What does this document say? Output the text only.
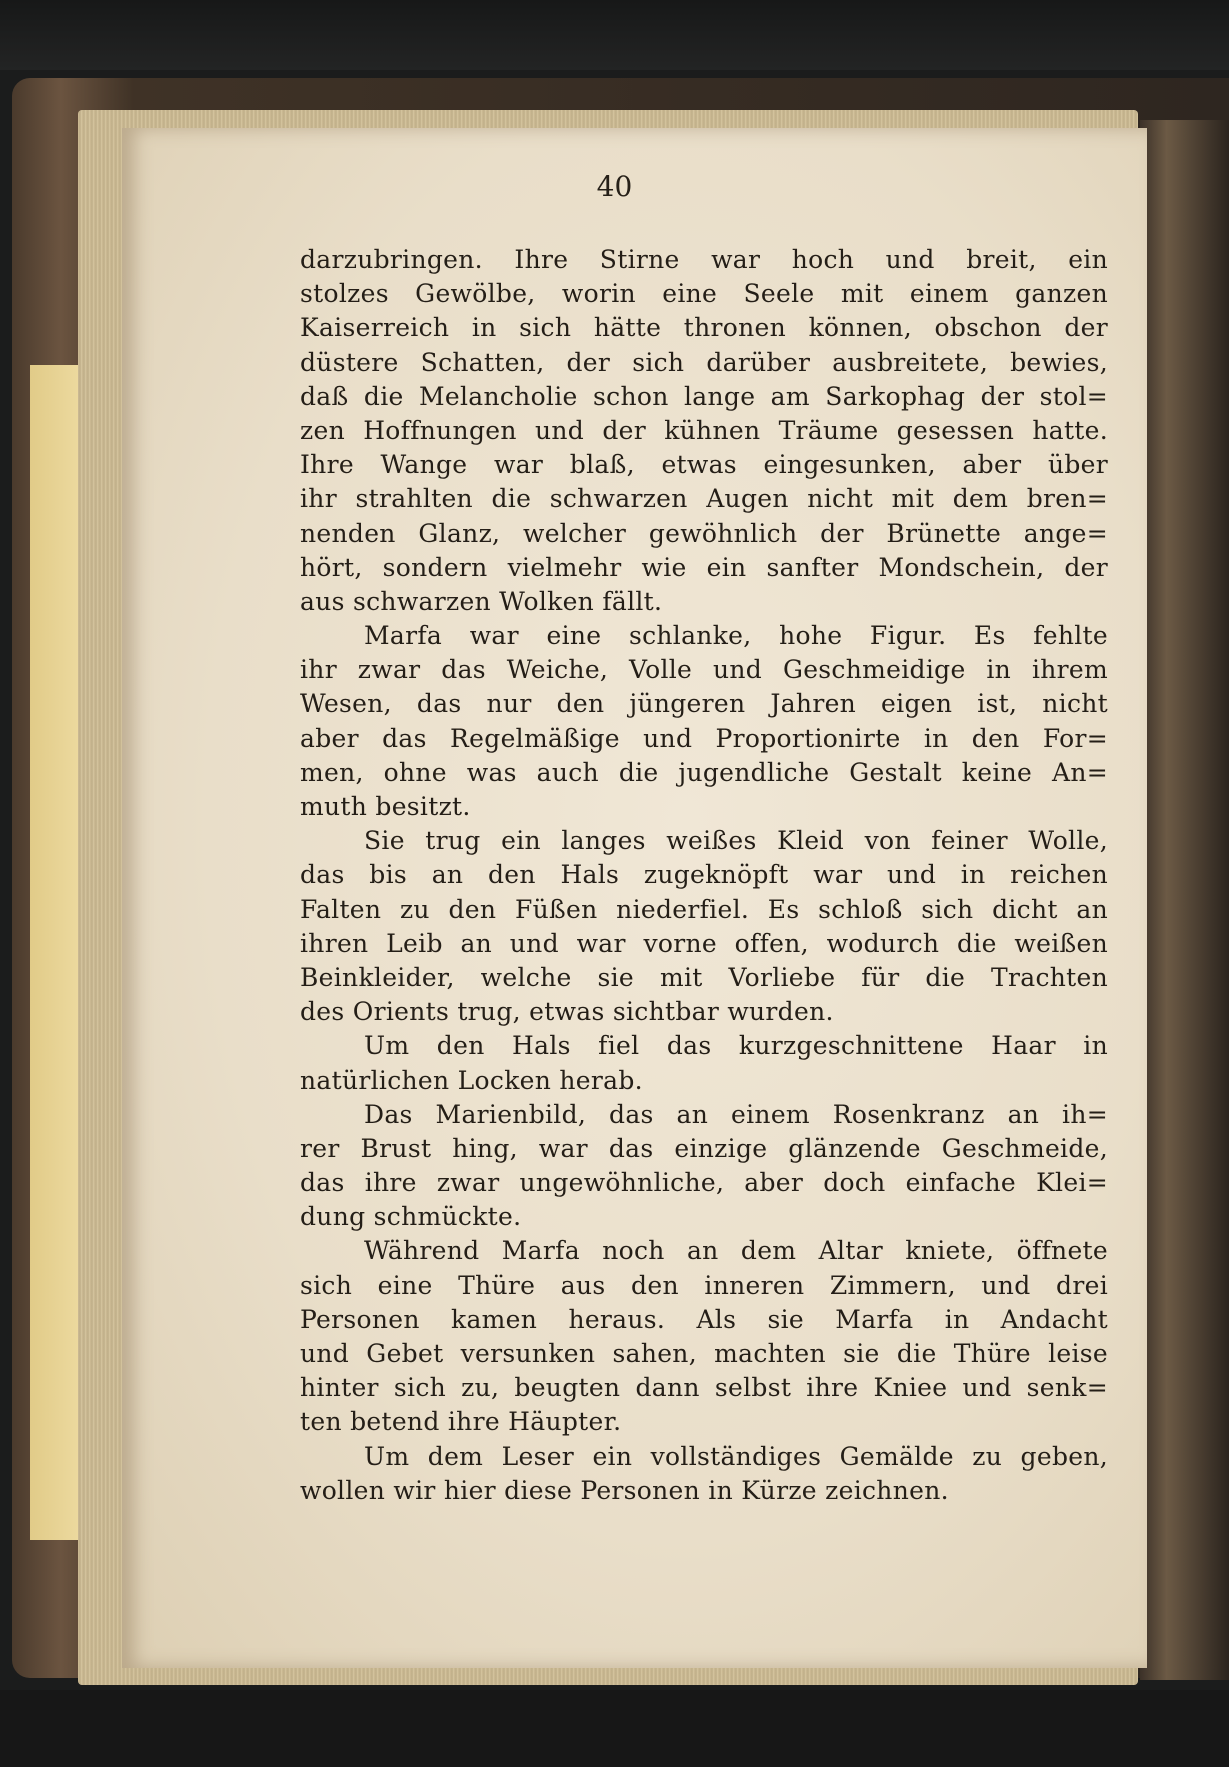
40
darzubringen. Ihre Stirne war hoch und breit, ein
stolzes Gewölbe, worin eine Seele mit einem ganzen
Kaiserreich in sich hätte thronen können, obschon der
düstere Schatten, der sich darüber ausbreitete, bewies,
daß die Melancholie schon lange am Sarkophag der stol=
zen Hoffnungen und der kühnen Träume gesessen hatte.
Ihre Wange war blaß, etwas eingesunken, aber über
ihr strahlten die schwarzen Augen nicht mit dem bren=
nenden Glanz, welcher gewöhnlich der Brünette ange=
hört, sondern vielmehr wie ein sanfter Mondschein, der
aus schwarzen Wolken fällt.
Marfa war eine schlanke, hohe Figur. Es fehlte
ihr zwar das Weiche, Volle und Geschmeidige in ihrem
Wesen, das nur den jüngeren Jahren eigen ist, nicht
aber das Regelmäßige und Proportionirte in den For=
men, ohne was auch die jugendliche Gestalt keine An=
muth besitzt.
Sie trug ein langes weißes Kleid von feiner Wolle,
das bis an den Hals zugeknöpft war und in reichen
Falten zu den Füßen niederfiel. Es schloß sich dicht an
ihren Leib an und war vorne offen, wodurch die weißen
Beinkleider, welche sie mit Vorliebe für die Trachten
des Orients trug, etwas sichtbar wurden.
Um den Hals fiel das kurzgeschnittene Haar in
natürlichen Locken herab.
Das Marienbild, das an einem Rosenkranz an ih=
rer Brust hing, war das einzige glänzende Geschmeide,
das ihre zwar ungewöhnliche, aber doch einfache Klei=
dung schmückte.
Während Marfa noch an dem Altar kniete, öffnete
sich eine Thüre aus den inneren Zimmern, und drei
Personen kamen heraus. Als sie Marfa in Andacht
und Gebet versunken sahen, machten sie die Thüre leise
hinter sich zu, beugten dann selbst ihre Kniee und senk=
ten betend ihre Häupter.
Um dem Leser ein vollständiges Gemälde zu geben,
wollen wir hier diese Personen in Kürze zeichnen.
